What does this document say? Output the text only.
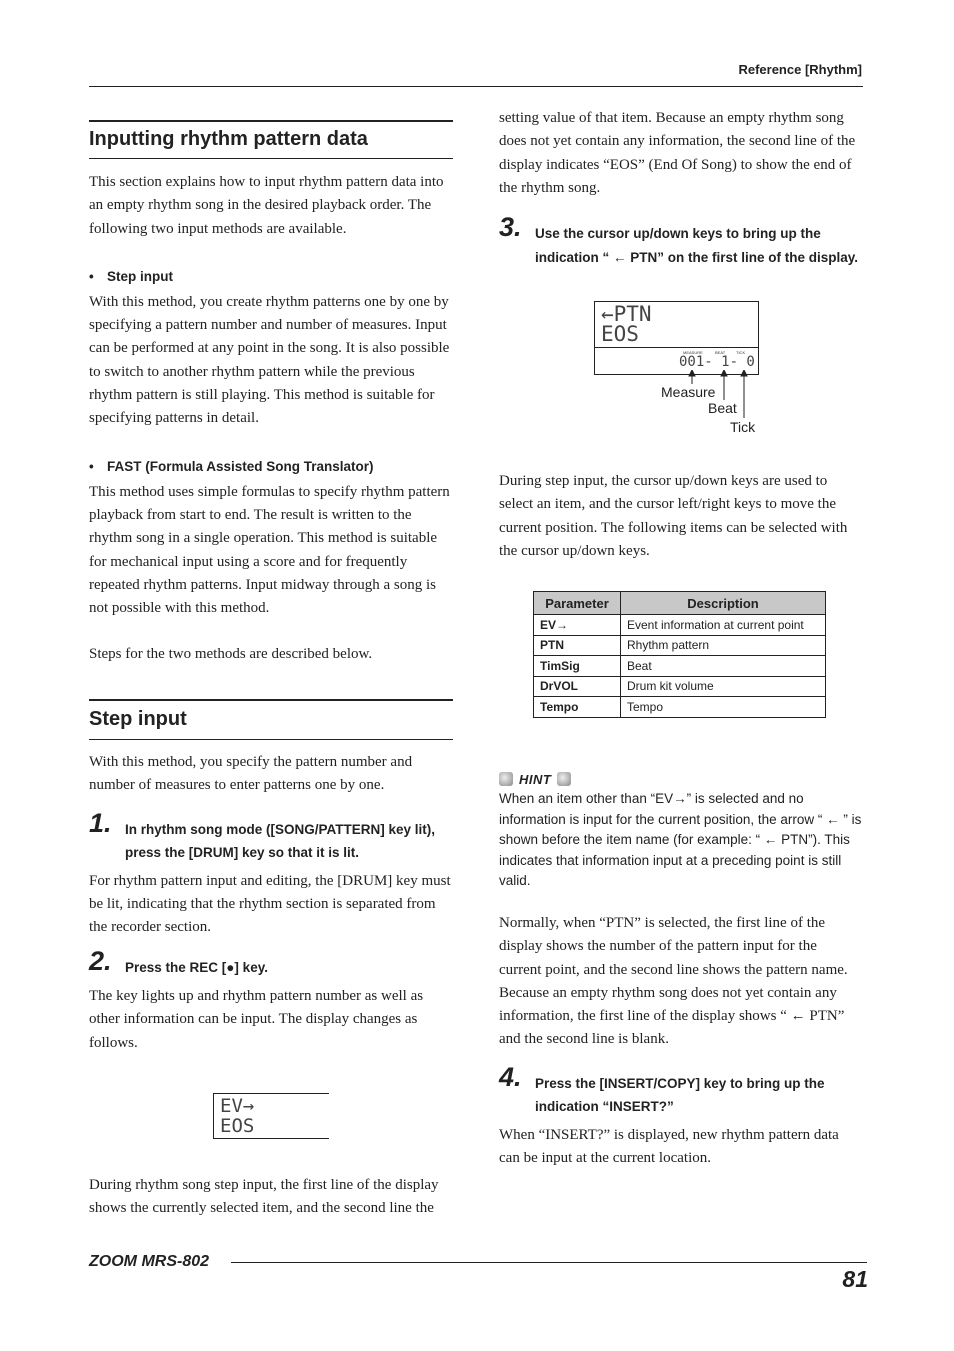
Reference [Rhythm]
Inputting rhythm pattern data

This section explains how to input rhythm pattern data into an empty rhythm song in the desired playback order. The following two input methods are available.

• Step input

With this method, you create rhythm patterns one by one by specifying a pattern number and number of measures. Input can be performed at any point in the song. It is also possible to switch to another rhythm pattern while the previous rhythm pattern is still playing. This method is suitable for specifying patterns in detail.

• FAST (Formula Assisted Song Translator)

This method uses simple formulas to specify rhythm pattern playback from start to end. The result is written to the rhythm song in a single operation. This method is suitable for mechanical input using a score and for frequently repeated rhythm patterns. Input midway through a song is not possible with this method.

Steps for the two methods are described below.

Step input

With this method, you specify the pattern number and number of measures to enter patterns one by one.

1. In rhythm song mode ([SONG/PATTERN] key lit), press the [DRUM] key so that it is lit.

For rhythm pattern input and editing, the [DRUM] key must be lit, indicating that the rhythm section is separated from the recorder section.

2. Press the REC [●] key.

The key lights up and rhythm pattern number as well as other information can be input. The display changes as follows.

EV→
EOS

During rhythm song step input, the first line of the display shows the currently selected item, and the second line the

setting value of that item. Because an empty rhythm song does not yet contain any information, the second line of the display indicates “EOS” (End Of Song) to show the end of the rhythm song.

3. Use the cursor up/down keys to bring up the indication “ ← PTN” on the first line of the display.
←PTN
EOS
MEASURE	BEAT	TICK
001- 1- 0
Measure
Beat
Tick

During step input, the cursor up/down keys are used to select an item, and the cursor left/right keys to move the current position. The following items can be selected with the cursor up/down keys.

Parameter	Description
EV→	Event information at current point
PTN	Rhythm pattern
TimSig	Beat
DrVOL	Drum kit volume
Tempo	Tempo
HINT
When an item other than “EV→” is selected and no information is input for the current position, the arrow “ ← ” is shown before the item name (for example: “ ← PTN”). This indicates that information input at a preceding point is still valid.

Normally, when “PTN” is selected, the first line of the display shows the number of the pattern input for the current point, and the second line shows the pattern name. Because an empty rhythm song does not yet contain any information, the first line of the display shows “ ← PTN” and the second line is blank.

4. Press the [INSERT/COPY] key to bring up the indication “INSERT?”

When “INSERT?” is displayed, new rhythm pattern data can be input at the current location.

ZOOM MRS-802
81
